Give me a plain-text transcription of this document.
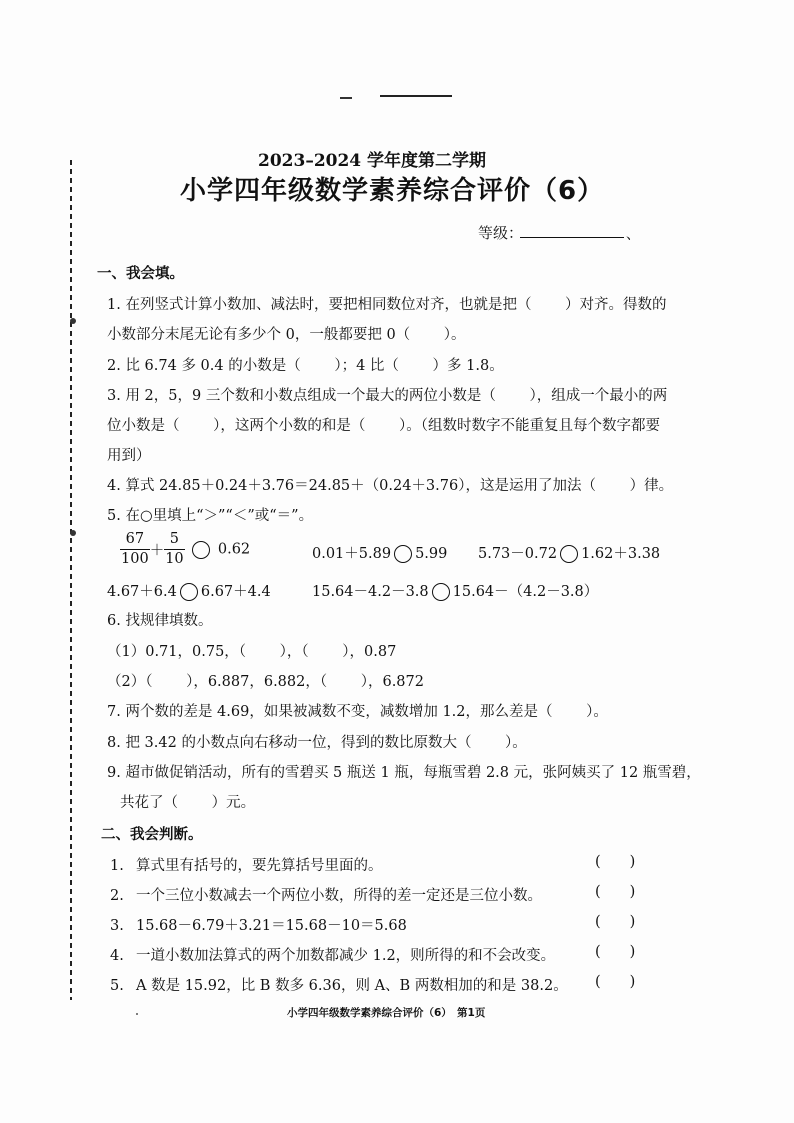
2023–2024 学年度第二学期
小学四年级数学素养综合评价（6）
等级：	、
一、我会填。
1. 在列竖式计算小数加、减法时，要把相同数位对齐，也就是把（　　 ）对齐。得数的
小数部分末尾无论有多少个 0，一般都要把 0（　　 ）。
2. 比 6.74 多 0.4 的小数是（　　 ）；4 比（　　 ）多 1.8。
3. 用 2，5，9 三个数和小数点组成一个最大的两位小数是（　　 ），组成一个最小的两
位小数是（　　 ），这两个小数的和是（　　 ）。（组数时数字不能重复且每个数字都要
用到）
4. 算式 24.85＋0.24＋3.76＝24.85＋（0.24＋3.76），这是运用了加法（　　 ）律。
5. 在○里填上“＞”“＜”或“＝”。
$\frac{67}{100} + \frac{5}{10} 0.62$	0.01＋5.89 5.99 5.73－0.72 1.62＋3.38
4.67＋6.4 6.67＋4.4	15.64－4.2－3.8 15.64－（4.2－3.8）
6. 找规律填数。
（1）0.71，0.75，（　　 ），（　　 ），0.87
（2）（　　 ），6.887，6.882，（　　 ），6.872
7. 两个数的差是 4.69，如果被减数不变，减数增加 1.2，那么差是（　　 ）。
8. 把 3.42 的小数点向右移动一位，得到的数比原数大（　　 ）。
9. 超市做促销活动，所有的雪碧买 5 瓶送 1 瓶，每瓶雪碧 2.8 元，张阿姨买了 12 瓶雪碧，
共花了（　　 ）元。
二、我会判断。
1. 算式里有括号的，要先算括号里面的。	(　　)
2. 一个三位小数减去一个两位小数，所得的差一定还是三位小数。	(　　)
3. 15.68－6.79＋3.21＝15.68－10＝5.68	(　　)
4. 一道小数加法算式的两个加数都减少 1.2，则所得的和不会改变。	(　　)
5. A 数是 15.92，比 B 数多 6.36，则 A、B 两数相加的和是 38.2。 (　　)
小学四年级数学素养综合评价（6）　第1页
